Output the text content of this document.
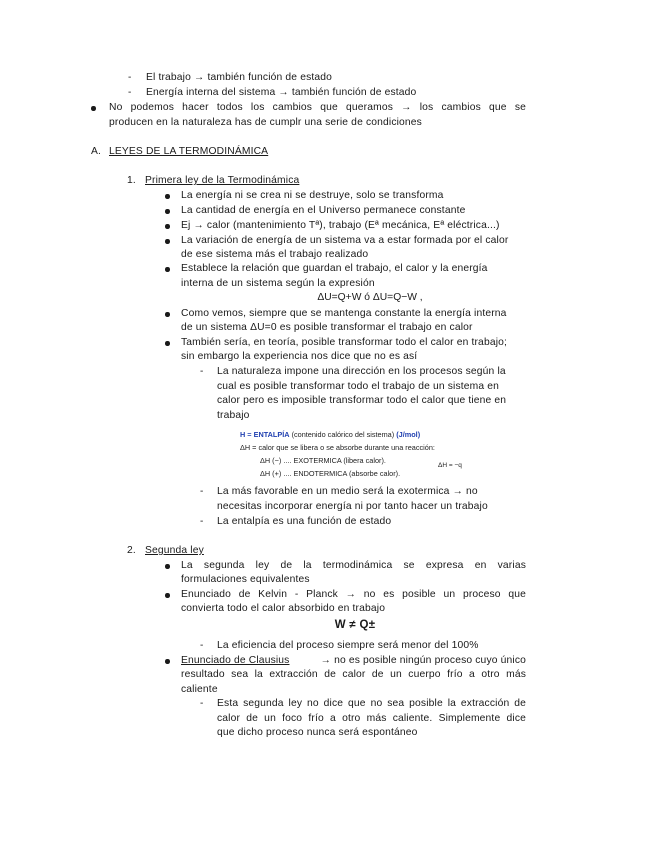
- El trabajo → también función de estado
- Energía interna del sistema → también función de estado
No podemos hacer todos los cambios que queramos → los cambios que se
producen en la naturaleza has de cumplr una serie de condiciones
A. LEYES DE LA TERMODINÁMICA
1. Primera ley de la Termodinámica
La energía ni se crea ni se destruye, solo se transforma
La cantidad de energía en el Universo permanece constante
Ej → calor (mantenimiento Tª), trabajo (Eª mecánica, Eª eléctrica...)
La variación de energía de un sistema va a estar formada por el calor
de ese sistema más el trabajo realizado
Establece la relación que guardan el trabajo, el calor y la energía
interna de un sistema según la expresión
ΔU=Q+W ó ΔU=Q−W ,
Como vemos, siempre que se mantenga constante la energía interna
de un sistema ΔU=0 es posible transformar el trabajo en calor
También sería, en teoría, posible transformar todo el calor en trabajo;
sin embargo la experiencia nos dice que no es así
- La naturaleza impone una dirección en los procesos según la
cual es posible transformar todo el trabajo de un sistema en
calor pero es imposible transformar todo el calor que tiene en
trabajo
H = ENTALPÍA (contenido calórico del sistema) (J/mol)
ΔH = calor que se libera o se absorbe durante una reacción:
ΔH (−) .... EXOTERMICA (libera calor).
ΔH (+) .... ENDOTERMICA (absorbe calor).
ΔH = −q
- La más favorable en un medio será la exotermica → no
necesitas incorporar energía ni por tanto hacer un trabajo
- La entalpía es una función de estado
2. Segunda ley
La segunda ley de la termodinámica se expresa en varias
formulaciones equivalentes
Enunciado de Kelvin - Planck → no es posible un proceso que
convierta todo el calor absorbido en trabajo
W ≠ Q±
- La eficiencia del proceso siempre será menor del 100%
Enunciado de Clausius	→ no es posible ningún proceso cuyo único
resultado sea la extracción de calor de un cuerpo frío a otro más
caliente
- Esta segunda ley no dice que no sea posible la extracción de
calor de un foco frío a otro más caliente. Simplemente dice
que dicho proceso nunca será espontáneo
